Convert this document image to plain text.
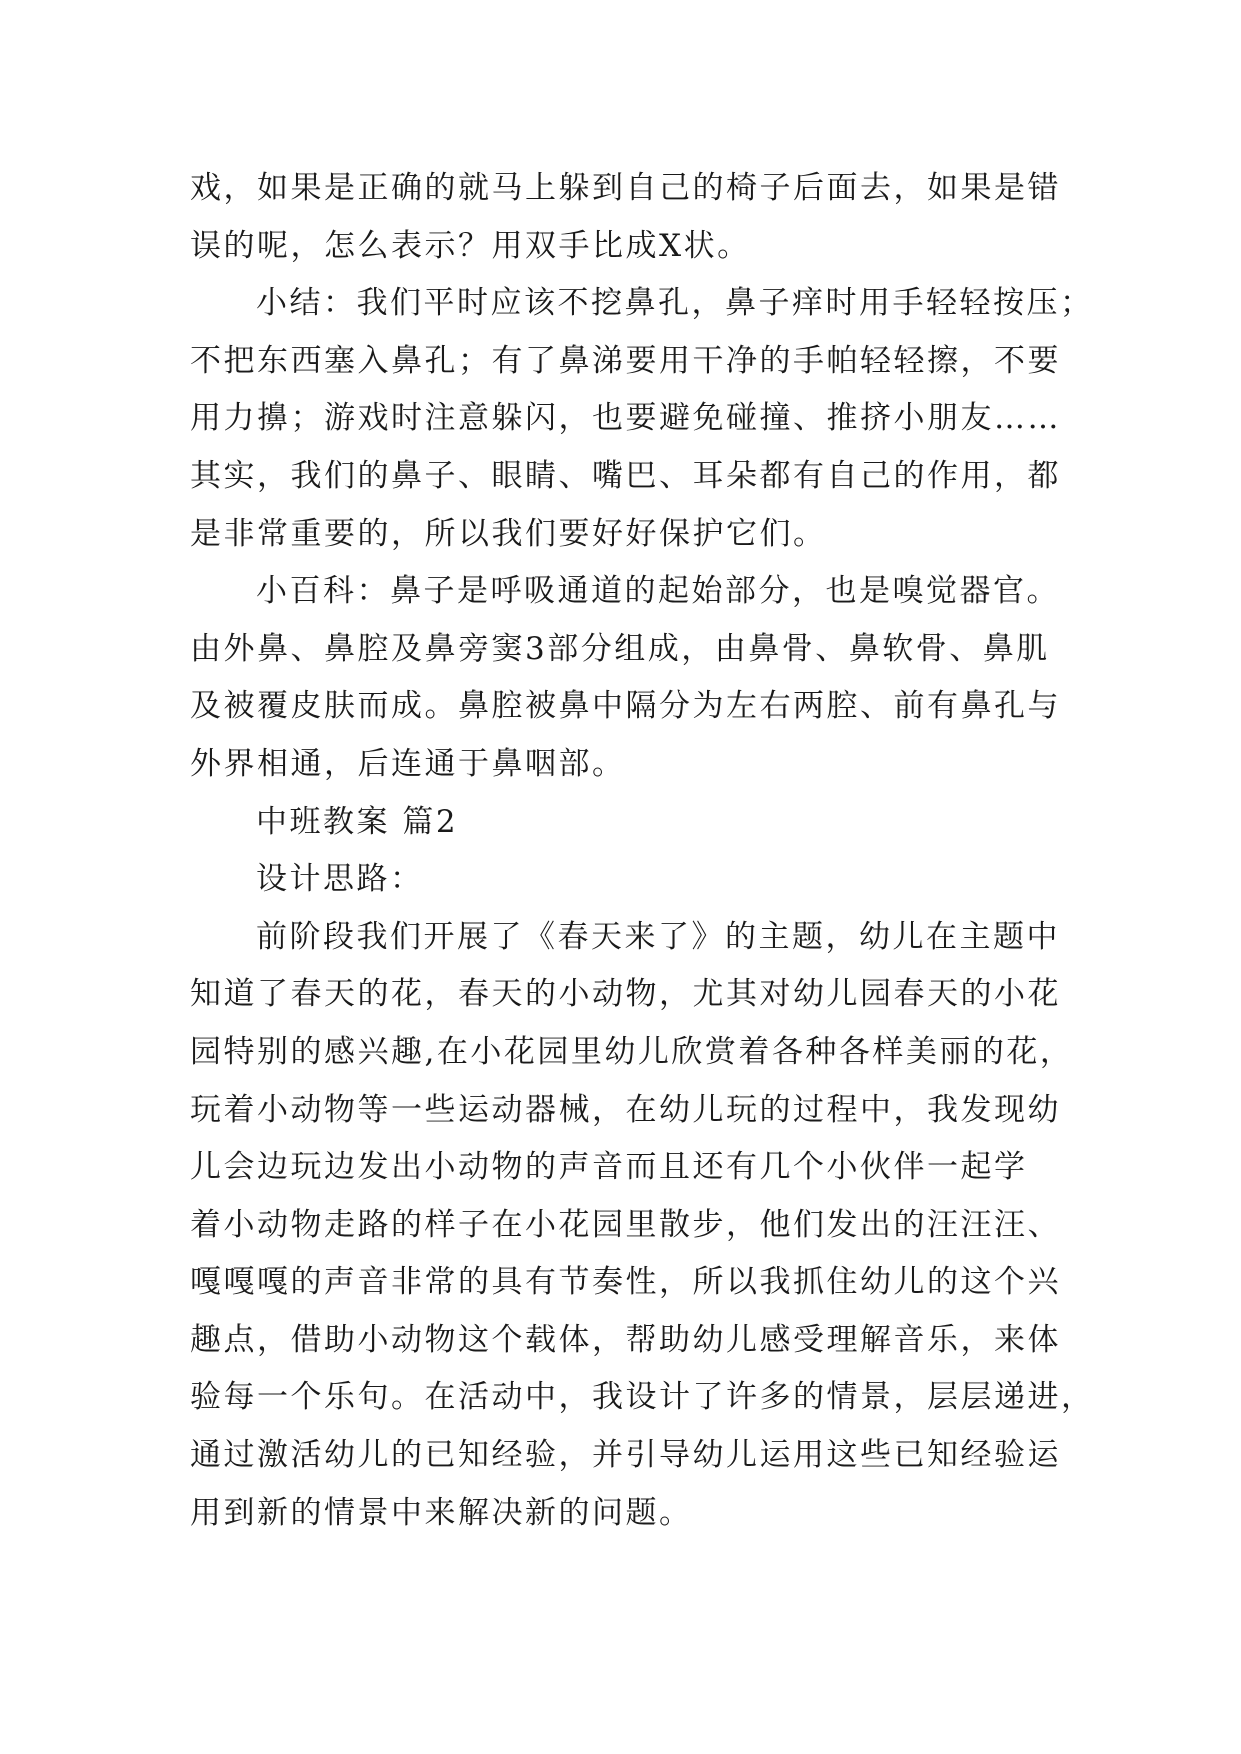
戏，如果是正确的就马上躲到自己的椅子后面去，如果是错
误的呢，怎么表示？用双手比成X状。
小结：我们平时应该不挖鼻孔，鼻子痒时用手轻轻按压；
不把东西塞入鼻孔；有了鼻涕要用干净的手帕轻轻擦，不要
用力擤；游戏时注意躲闪，也要避免碰撞、推挤小朋友……
其实，我们的鼻子、眼睛、嘴巴、耳朵都有自己的作用，都
是非常重要的，所以我们要好好保护它们。
小百科：鼻子是呼吸通道的起始部分，也是嗅觉器官。
由外鼻、鼻腔及鼻旁窦3部分组成，由鼻骨、鼻软骨、鼻肌
及被覆皮肤而成。鼻腔被鼻中隔分为左右两腔、前有鼻孔与
外界相通，后连通于鼻咽部。
中班教案 篇2
设计思路：
前阶段我们开展了《春天来了》的主题，幼儿在主题中
知道了春天的花，春天的小动物，尤其对幼儿园春天的小花
园特别的感兴趣,在小花园里幼儿欣赏着各种各样美丽的花，
玩着小动物等一些运动器械，在幼儿玩的过程中，我发现幼
儿会边玩边发出小动物的声音而且还有几个小伙伴一起学
着小动物走路的样子在小花园里散步，他们发出的汪汪汪、
嘎嘎嘎的声音非常的具有节奏性，所以我抓住幼儿的这个兴
趣点，借助小动物这个载体，帮助幼儿感受理解音乐，来体
验每一个乐句。在活动中，我设计了许多的情景，层层递进，
通过激活幼儿的已知经验，并引导幼儿运用这些已知经验运
用到新的情景中来解决新的问题。
